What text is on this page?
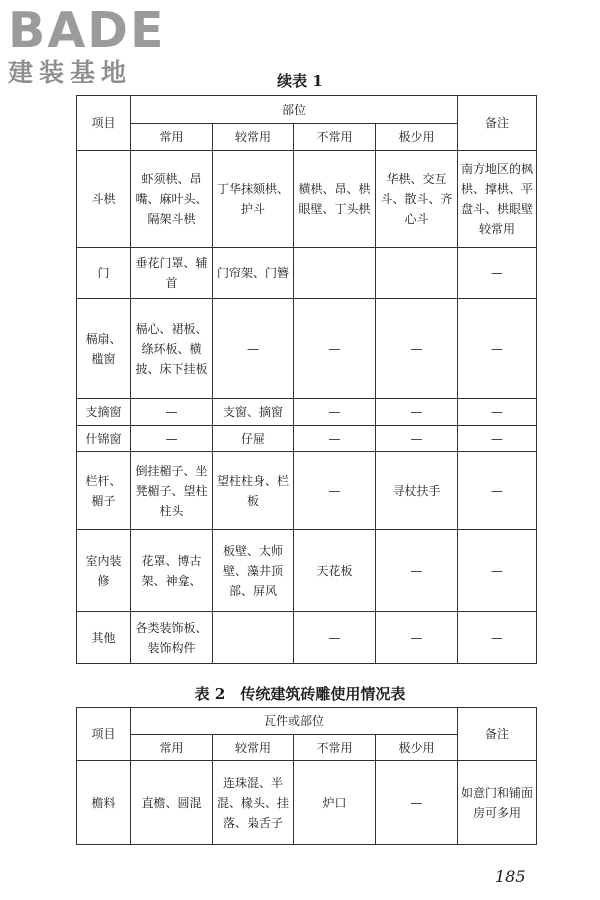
BADE
建装基地	续表 1
项目	部位				备注
	常用	较常用	不常用	极少用	
斗栱	虾须栱、昂嘴、麻叶头、隔架斗栱	丁华抹颏栱、护斗	横栱、昂、栱眼壁、丁头栱	华栱、交互斗、散斗、齐心斗	南方地区的枫栱、撑栱、平盘斗、栱眼壁较常用
门	垂花门罩、辅首	门帘架、门簪			—
槅扇、槛窗	槅心、裙板、绦环板、横披、床下挂板	—	—	—	—
支摘窗	—	支窗、摘窗	—	—	—
什锦窗	—	仔屉	—	—	—
栏杆、楣子	倒挂楣子、坐凳楣子、望柱柱头	望柱柱身、栏板	—	寻杖扶手	—
室内装修	花罩、博古架、神龛、	板壁、太师壁、藻井顶部、屏风	天花板	—	—
其他	各类装饰板、装饰构件		—	—	—
表 2　传统建筑砖雕使用情况表
项目	瓦件或部位				备注
	常用	较常用	不常用	极少用	
檐料	直檐、圆混	连珠混、半混、椽头、挂落、枭舌子	炉口	—	如意门和铺面房可多用
185
